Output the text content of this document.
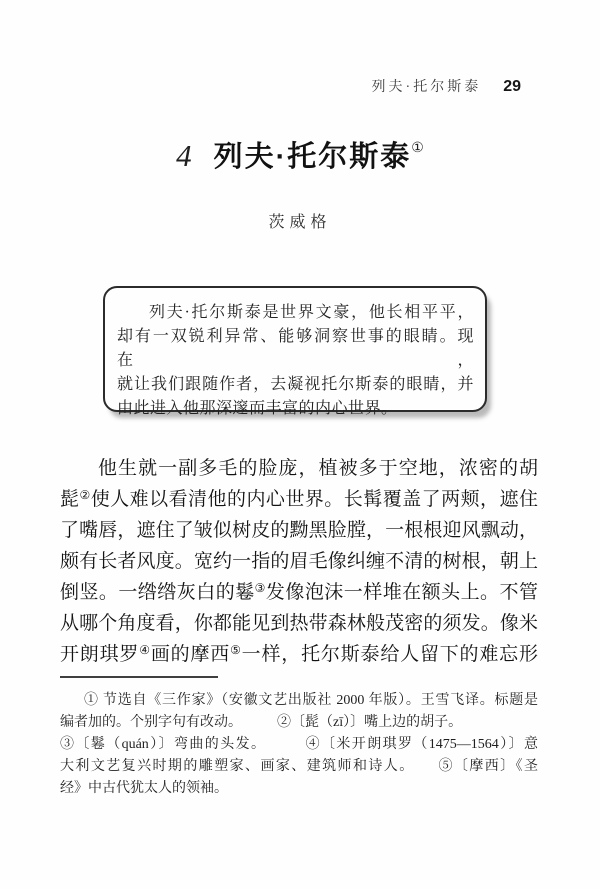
列夫·托尔斯泰 29
4 列夫·托尔斯泰①
茨威格
列夫·托尔斯泰是世界文豪，他长相平平，
却有一双锐利异常、能够洞察世事的眼睛。现在，
就让我们跟随作者，去凝视托尔斯泰的眼睛，并
由此进入他那深邃而丰富的内心世界。
他生就一副多毛的脸庞，植被多于空地，浓密的胡
髭②使人难以看清他的内心世界。长髯覆盖了两颊，遮住
了嘴唇，遮住了皱似树皮的黝黑脸膛，一根根迎风飘动，
颇有长者风度。宽约一指的眉毛像纠缠不清的树根，朝上
倒竖。一绺绺灰白的鬈③发像泡沫一样堆在额头上。不管
从哪个角度看，你都能见到热带森林般茂密的须发。像米
开朗琪罗④画的摩西⑤一样，托尔斯泰给人留下的难忘形
① 节选自《三作家》（安徽文艺出版社 2000 年版）。王雪飞译。标题是
编者加的。个别字句有改动。　　　②〔髭（zī）〕嘴上边的胡子。
③〔鬈（quán）〕弯曲的头发。　　　④〔米开朗琪罗（1475—1564）〕意
大利文艺复兴时期的雕塑家、画家、建筑师和诗人。　　⑤〔摩西〕《圣
经》中古代犹太人的领袖。
